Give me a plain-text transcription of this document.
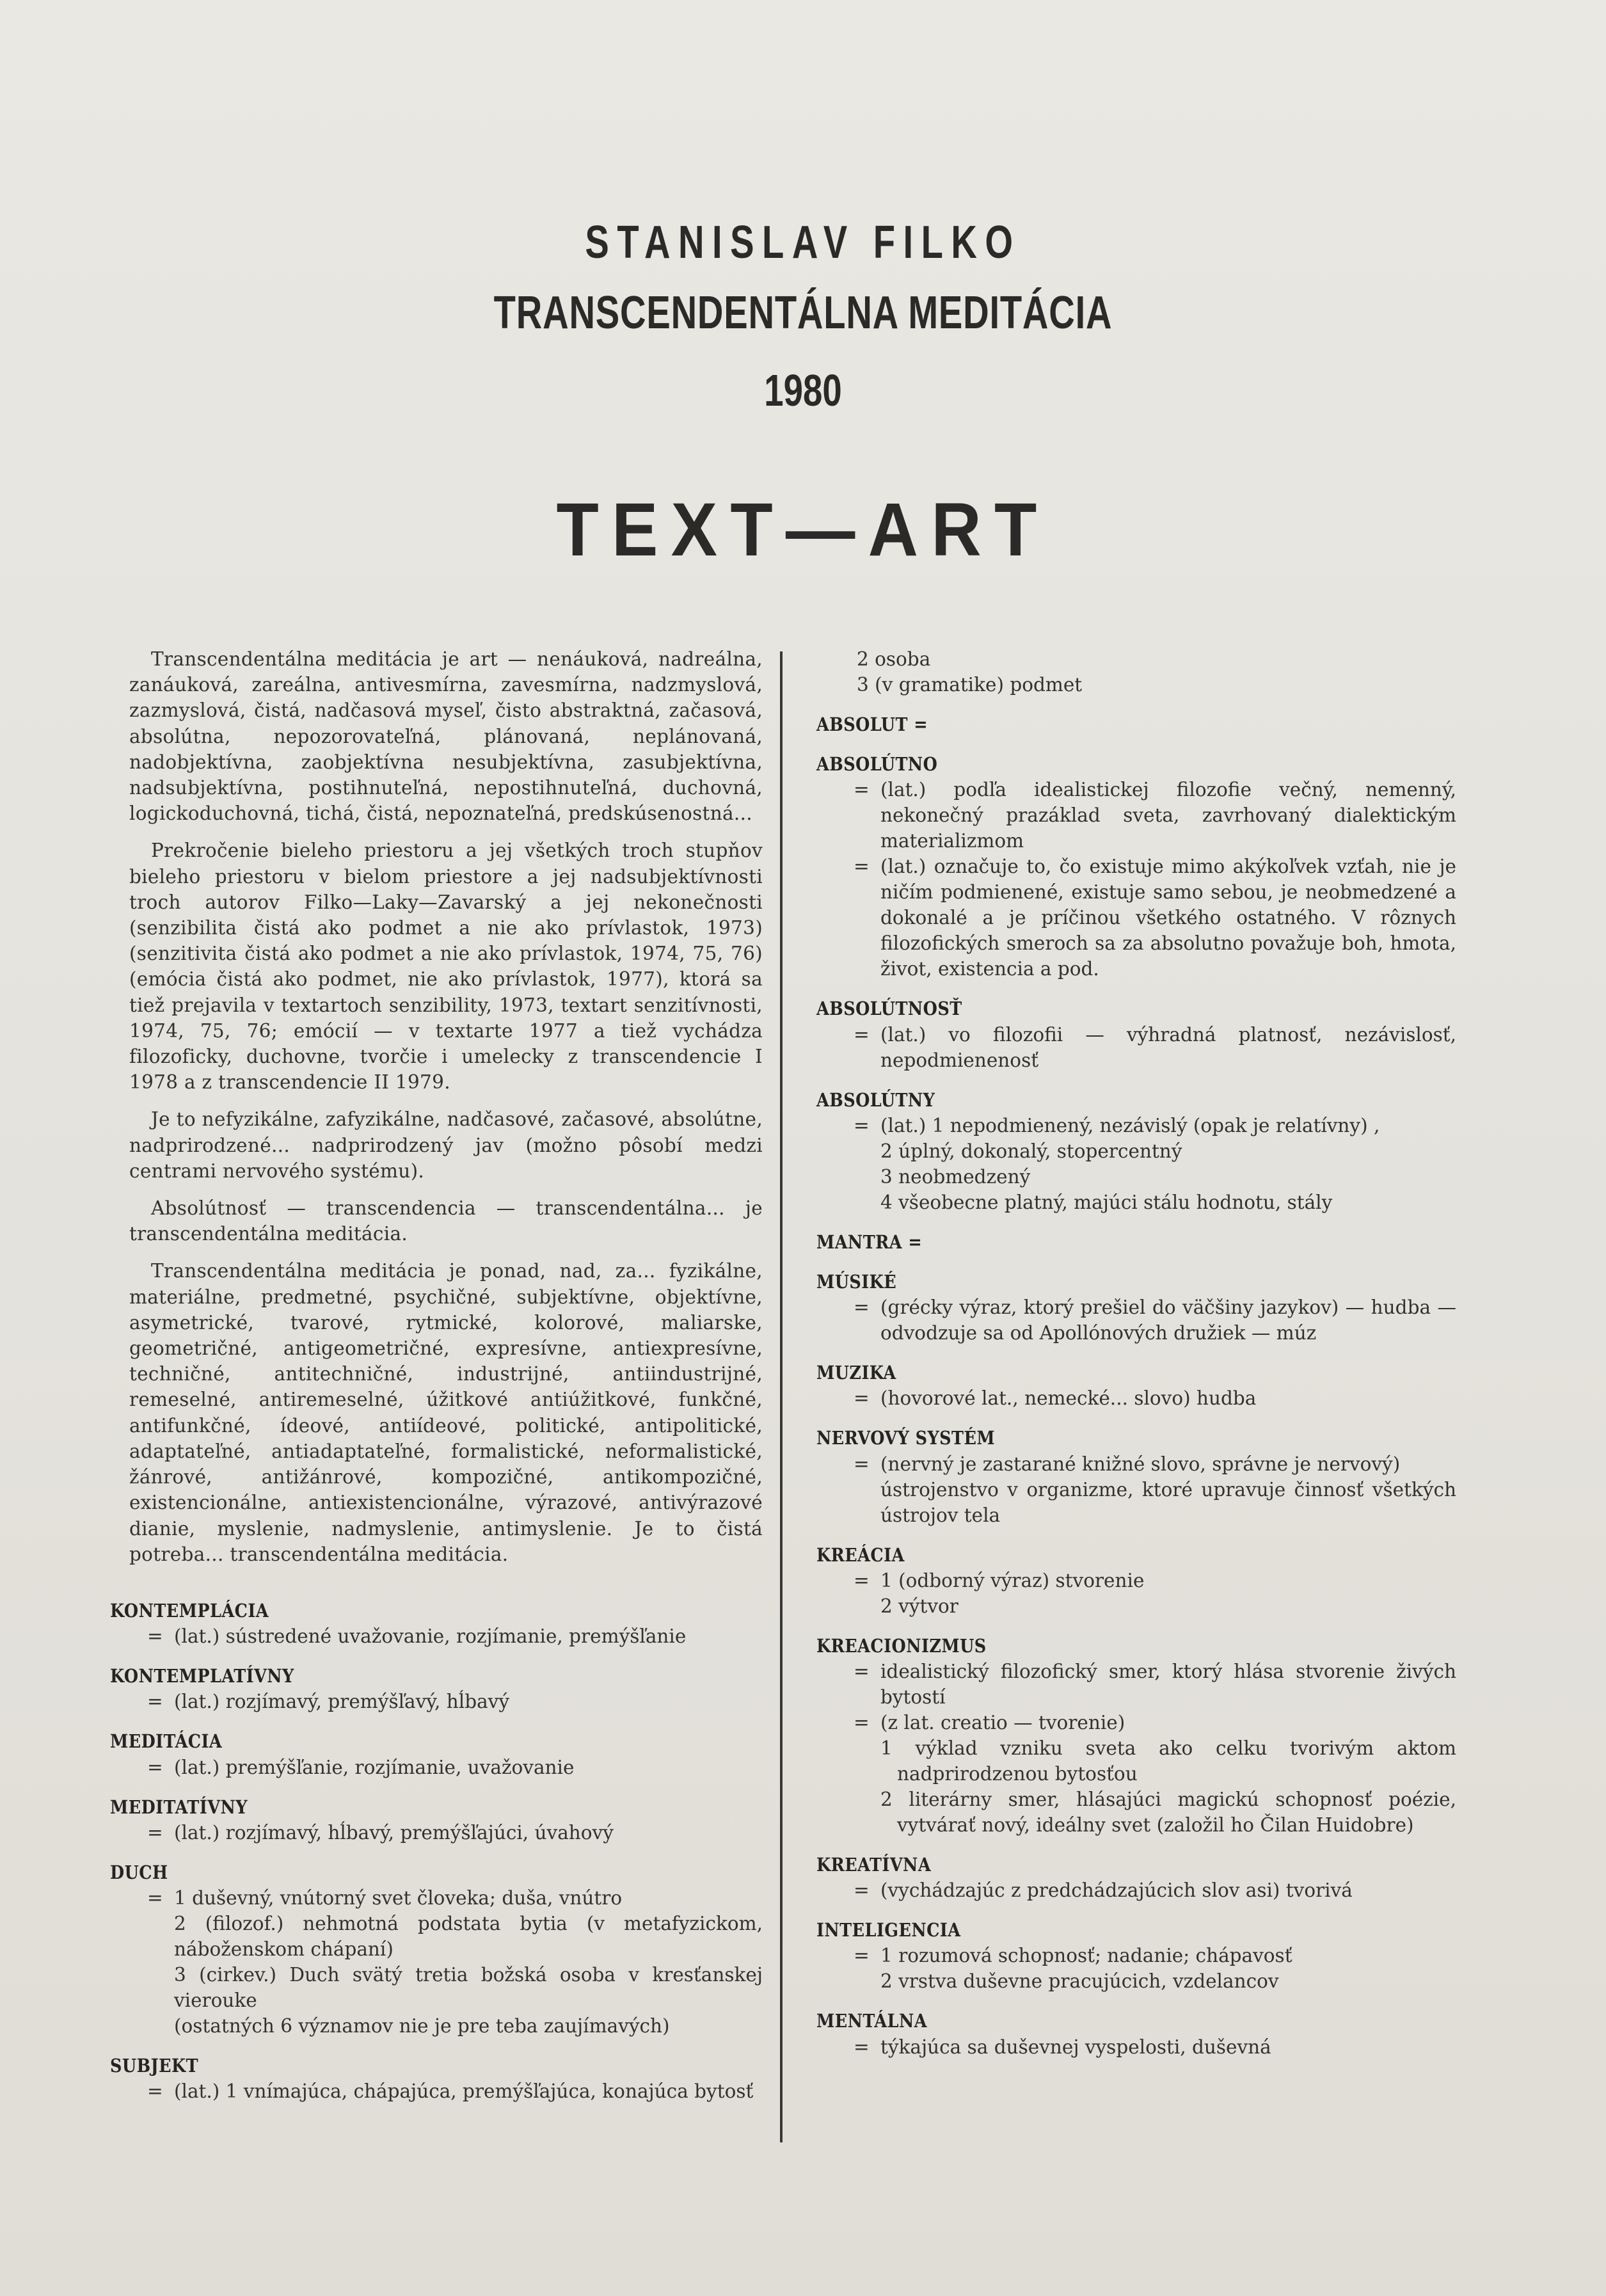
STANISLAV FILKO
TRANSCENDENTÁLNA MEDITÁCIA
1980
TEXT—ART

Transcendentálna meditácia je art — nenáuková, nadreálna, zanáuková, zareálna, antivesmírna, zavesmírna, nadzmyslová, zazmyslová, čistá, nadčasová myseľ, čisto abstraktná, začasová, absolútna, nepozorovateľná, plánovaná, neplánovaná, nadobjektívna, zaobjektívna nesubjektívna, zasubjektívna, nadsubjektívna, postihnuteľná, nepostihnuteľná, duchovná, logickoduchovná, tichá, čistá, nepoznateľná, predskúsenostná...

Prekročenie bieleho priestoru a jej všetkých troch stupňov bieleho priestoru v bielom priestore a jej nadsubjektívnosti troch autorov Filko—Laky—Zavarský a jej nekonečnosti (senzibilita čistá ako podmet a nie ako prívlastok, 1973) (senzitivita čistá ako podmet a nie ako prívlastok, 1974, 75, 76) (emócia čistá ako podmet, nie ako prívlastok, 1977), ktorá sa tiež prejavila v textartoch senzibility, 1973, textart senzitívnosti, 1974, 75, 76; emócií — v textarte 1977 a tiež vychádza filozoficky, duchovne, tvorčie i umelecky z transcendencie I 1978 a z transcendencie II 1979.

Je to nefyzikálne, zafyzikálne, nadčasové, začasové, absolútne, nadprirodzené... nadprirodzený jav (možno pôsobí medzi centrami nervového systému).

Absolútnosť — transcendencia — transcendentálna... je transcendentálna meditácia.

Transcendentálna meditácia je ponad, nad, za... fyzikálne, materiálne, predmetné, psychičné, subjektívne, objektívne, asymetrické, tvarové, rytmické, kolorové, maliarske, geometričné, antigeometričné, expresívne, antiexpresívne, techničné, antitechničné, industrijné, antiindustrijné, remeselné, antiremeselné, úžitkové antiúžitkové, funkčné, antifunkčné, ídeové, antiídeové, politické, antipolitické, adaptateľné, antiadaptateľné, formalistické, neformalistické, žánrové, antižánrové, kompozičné, antikompozičné, existencionálne, antiexistencionálne, výrazové, antivýrazové dianie, myslenie, nadmyslenie, antimyslenie. Je to čistá potreba... transcendentálna meditácia.

KONTEMPLÁCIA
= (lat.) sústredené uvažovanie, rozjímanie, premýšľanie
KONTEMPLATÍVNY
= (lat.) rozjímavý, premýšľavý, hĺbavý
MEDITÁCIA
= (lat.) premýšľanie, rozjímanie, uvažovanie
MEDITATÍVNY
= (lat.) rozjímavý, hĺbavý, premýšľajúci, úvahový
DUCH
= 1 duševný, vnútorný svet človeka; duša, vnútro
2 (filozof.) nehmotná podstata bytia (v metafyzickom, náboženskom chápaní)
3 (cirkev.) Duch svätý tretia božská osoba v kresťanskej vierouke
(ostatných 6 významov nie je pre teba zaujímavých)
SUBJEKT
= (lat.) 1 vnímajúca, chápajúca, premýšľajúca, konajúca bytosť
2 osoba
3 (v gramatike) podmet
ABSOLUT =
ABSOLÚTNO
= (lat.) podľa idealistickej filozofie večný, nemenný, nekonečný prazáklad sveta, zavrhovaný dialektickým materializmom
= (lat.) označuje to, čo existuje mimo akýkoľvek vzťah, nie je ničím podmienené, existuje samo sebou, je neobmedzené a dokonalé a je príčinou všetkého ostatného. V rôznych filozofických smeroch sa za absolutno považuje boh, hmota, život, existencia a pod.
ABSOLÚTNOSŤ
= (lat.) vo filozofii — výhradná platnosť, nezávislosť, nepodmienenosť
ABSOLÚTNY
= (lat.) 1 nepodmienený, nezávislý (opak je relatívny) ,
2 úplný, dokonalý, stopercentný
3 neobmedzený
4 všeobecne platný, majúci stálu hodnotu, stály
MANTRA =
MÚSIKÉ
= (grécky výraz, ktorý prešiel do väčšiny jazykov) — hudba — odvodzuje sa od Apollónových družiek — múz
MUZIKA
= (hovorové lat., nemecké... slovo) hudba
NERVOVÝ SYSTÉM
= (nervný je zastarané knižné slovo, správne je nervový)
ústrojenstvo v organizme, ktoré upravuje činnosť všetkých ústrojov tela
KREÁCIA
= 1 (odborný výraz) stvorenie
2 výtvor
KREACIONIZMUS
= idealistický filozofický smer, ktorý hlása stvorenie živých bytostí
= (z lat. creatio — tvorenie)
1 výklad vzniku sveta ako celku tvorivým aktom nadprirodzenou bytosťou
2 literárny smer, hlásajúci magickú schopnosť poézie, vytvárať nový, ideálny svet (založil ho Čilan Huidobre)
KREATÍVNA
= (vychádzajúc z predchádzajúcich slov asi) tvorivá
INTELIGENCIA
= 1 rozumová schopnosť; nadanie; chápavosť
2 vrstva duševne pracujúcich, vzdelancov
MENTÁLNA
= týkajúca sa duševnej vyspelosti, duševná
